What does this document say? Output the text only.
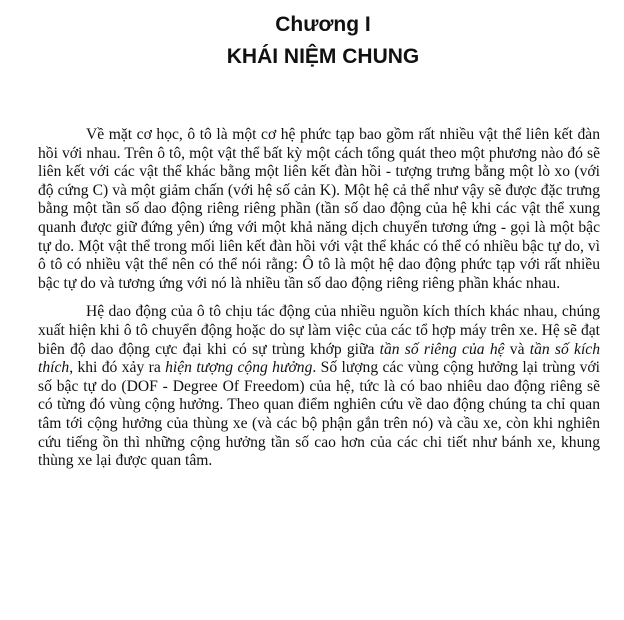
Chương I
KHÁI NIỆM CHUNG

Về mặt cơ học, ô tô là một cơ hệ phức tạp bao gồm rất nhiều vật thể liên kết đàn hồi với nhau. Trên ô tô, một vật thể bất kỳ một cách tổng quát theo một phương nào đó sẽ liên kết với các vật thể khác bằng một liên kết đàn hồi - tượng trưng bằng một lò xo (với độ cứng C) và một giảm chấn (với hệ số cản K). Một hệ cả thể như vậy sẽ được đặc trưng bằng một tần số dao động riêng riêng phần (tần số dao động của hệ khi các vật thể xung quanh được giữ đứng yên) ứng với một khả năng dịch chuyển tương ứng - gọi là một bậc tự do. Một vật thể trong mối liên kết đàn hồi với vật thể khác có thể có nhiều bậc tự do, vì ô tô có nhiều vật thể nên có thể nói rằng: Ô tô là một hệ dao động phức tạp với rất nhiều bậc tự do và tương ứng với nó là nhiều tần số dao động riêng riêng phần khác nhau.

Hệ dao động của ô tô chịu tác động của nhiều nguồn kích thích khác nhau, chúng xuất hiện khi ô tô chuyển động hoặc do sự làm việc của các tổ hợp máy trên xe. Hệ sẽ đạt biên độ dao động cực đại khi có sự trùng khớp giữa tần số riêng của hệ và tần số kích thích, khi đó xảy ra hiện tượng cộng hưởng. Số lượng các vùng cộng hưởng lại trùng với số bậc tự do (DOF - Degree Of Freedom) của hệ, tức là có bao nhiêu dao động riêng sẽ có từng đó vùng cộng hưởng. Theo quan điểm nghiên cứu về dao động chúng ta chỉ quan tâm tới cộng hưởng của thùng xe (và các bộ phận gắn trên nó) và cầu xe, còn khi nghiên cứu tiếng ồn thì những cộng hưởng tần số cao hơn của các chi tiết như bánh xe, khung thùng xe lại được quan tâm.
